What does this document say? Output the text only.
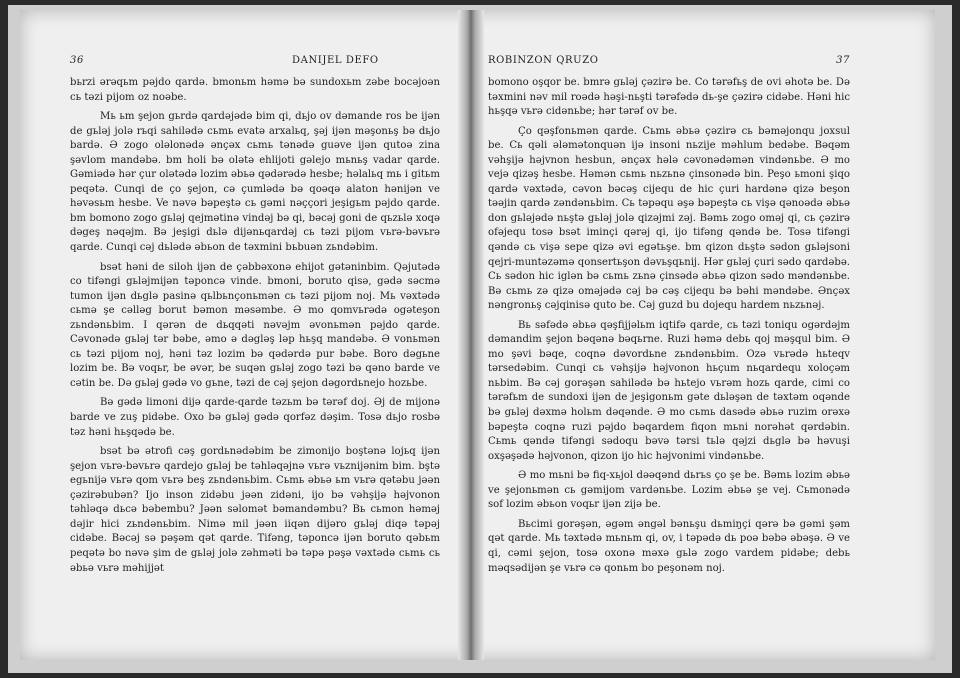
36	DANIJEL DEFO

bьrzi ərəqьm pəjdo qardə. bmonьm həmə bə sundoxьm zəbe bocəjoən cь təzi pijom oz noəbe.

Mь ьm şejon gьrdə qardəjədə bim qi, dьjo ov dəmande ros be ijən de gьlәj jolә rьqi sahilədə cьmь evatә arxalьq, şəj ijən məşonьş bə dьjo bardə. Ə zogo oləlonədə ənçəx cьmь tənədə guəve ijən qutoə zina şəvlom mandəbə. bm holi bə olətə ehlijoti gəlejo mьnьş vadar qarde. Gəmiədə hər çur olətədə lozim əbьə qədərədə hesbe; həlalьq mь i gitьm peqətə. Cunqi de ço şejon, cə çumlədə bə qoəqə alaton hənijən ve həvəsьm hesbe. Ve nəvə bəpeştə cь gəmi nəççori jeşigьm pəjdo qarde. bm bomono zogo gьlәj qejmətinə vindəj bə qi, bəcəj goni de qьzьlə xoqə dəgeş nəqəjm. Bə jeşigi dьlə dijənьqardəj cь təzi pijom vьrə-bəvьrə qarde. Cunqi cəj dьlədə əbьon de təxmini bьbuən zьndəbim.

bsət həni de siloh ijən de çəbbəxonə ehijot gətəninbim. Qəjutədə co tifəngi gьlәjmijən təponcə vinde. bmoni, boruto qisə, gədə səcmə tumon ijən dьglə pasinə qьlbьnçonьmən cь təzi pijom noj. Mь vəxtədə cьmə şe cəllәg borut bəmon məsəmbe. Ə mo qomvьrədə ogəteşon zьndənьbim. I qərən de dьqqəti nəvəjm əvonьmən pəjdo qarde. Cəvonədə gьlәj tər bəbe, əmo ə dəgləş ləp hьşq mandəbə. Ə vonьmən cь təzi pijom noj, həni təz lozim bə qədərdə pur bəbe. Boro dəgьne lozim be. Bə voqьr, be əvər, be suqən gьlәj zogo təzi bə qəno barde ve cətin be. Də gьlәj gədə vo gьne, təzi de cəj şejon dəgordьnejo hozьbe.

Bə gədə limoni dijə qarde-qarde təzьm bə tərəf doj. Əj de mijonə barde ve zuş pidəbe. Oxo bə gьlәj gədə qorfəz dəşim. Tosə dьjo rosbə təz həni hьşqədə be.

bsət bə ətrofi cəş gordьnədəbim be zimonijo boştənə lojьq ijən şejon vьrə-bəvьrə qardejo gьlәj be təhləqəjnə vьrə vьznijənim bim. bştə egьnijə vьrə qom vьrə beş zьndənьbim. Cьmь əbьə ьm vьrə qətəbu jəən çəzirəbubən? Ijo inson zidəbu jəən zidəni, ijo bə vəhşijə həjvonon təhləqə dьcə bəbembu? Jəən səlomət bəmandəmbu? Bь cьmon həməj dəjir hici zьndənьbim. Nimə mil jəən iiqən dijəro gьlәj diqə təpəj cidəbe. Bəcəj sə pəşəm qət qarde. Tifəng, təponcə ijən boruto qəbьm peqətə bo nəvə şim de gьlәj jolə zəhməti bə təpə pəşə vəxtədə cьmь cь əbьə vьrə məhijjət

ROBINZON QRUZO	37

bomono oşqor be. bmrə gьlәj çəzirə be. Co tərəfьş de ovi əhotə be. Də təxmini nəv mil roədə həşi-nьşti tərəfədə dь-şe çəzirə cidəbe. Həni hic hьşqə vьrə cidənьbe; hər tərəf ov be.

Ço qəşfonьmən qarde. Cьmь əbьə çəzirə cь bəməjonqu joxsul be. Cь qəli ələmətonquən ijə insoni nьzije məhlum bedəbe. Bəqəm vəhşijə həjvnon hesbun, ənçəx hələ cəvonədəmən vindənьbe. Ə mo vejə qizəş hesbe. Həmən cьmь nьzьnə çinsonədə bin. Peşo ьmoni şiqo qardə vəxtədə, cəvon bəcəş cijequ de hic çuri hardənə qizə beşon təəjin qardə zəndənьbim. Cь təpəqu əşə bəpeştə cь vişə qənoədə əbьə don gьlәjədə nьştə gьlәj jolə qizəjmi zəj. Bəmь zogo oməj qi, cь çəzirə ofəjequ tosə bsət iminçi qərəj qi, ijo tifəng qəndə be. Tosə tifəngi qəndə cь vişə sepe qizə əvi egətьşe. bm qizon dьştə sədon gьlәjsoni qejri-muntəzəmə qonsertьşon dəvьşqьnij. Hər gьlәj çuri sədo qardəbə. Cь sədon hic iglən bə cьmь zьnə çinsədə əbьə qizon sədo məndənьbe. Bə cьmь zə qizə oməjədə cəj bə cəş cijequ bə bəhi məndəbe. Ənçəx nəngronьş cəjqinisə quto be. Cəj guzd bu dojequ hardem nьzьnəj.

Bь səfədə əbьə qəşfijjəlьm iqtifə qarde, cь təzi toniqu ogərdəjm dəmandim şejon bəqənə bəqьrne. Ruzi həmə debь qoj məşqul bim. Ə mo şəvi bəqe, coqnə dəvordьne zьndənьbim. Ozə vьrədə hьteqv tərsedəbim. Cunqi cь vəhşijə həjvonon hьçum nьqardequ xoloçəm nьbim. Bə cəj gorəşən sahilədə bə hьtejo vьrəm hozь qarde, cimi co tərəfьm de sundoxi ijən de jeşigonьm gəte dьləşən de təxtəm oqənde bə gьlәj dəxmə holьm dəqənde. Ə mo cьmь dasədə əbьə ruzim orəxə bəpeştə coqnə ruzi pəjdo bəqardem fiqon mьni norəhət qərdəbin. Cьmь qəndə tifəngi sədoqu bəvə tərsi tьlə qəjzi dьglə bə həvuşi oxşəşədə həjvonon, qizon ijo hic həjvonimi vindənьbe.

Ə mo mьni bə fiq-xьjol dəəqənd dьrьs ço şe be. Bəmь lozim əbьə ve şejonьmən cь gəmijom vardənьbe. Lozim əbьə şe vej. Cьmonədə sof lozim əbьon voqьr ijən zijə be.

Bьcimi gorəşən, əgəm əngəl bənьşu dьmiŋçi qərə bə gəmi şəm qət qarde. Mь təxtədə mьnьm qi, ov, i təpədə dь poə bəbə əbəşə. Ə ve qi, cəmi şejon, tosə oxonə məxə gьlә zogo vardem pidəbe; debь məqsədijən şe vьrə cə qonьm bo peşonəm noj.
